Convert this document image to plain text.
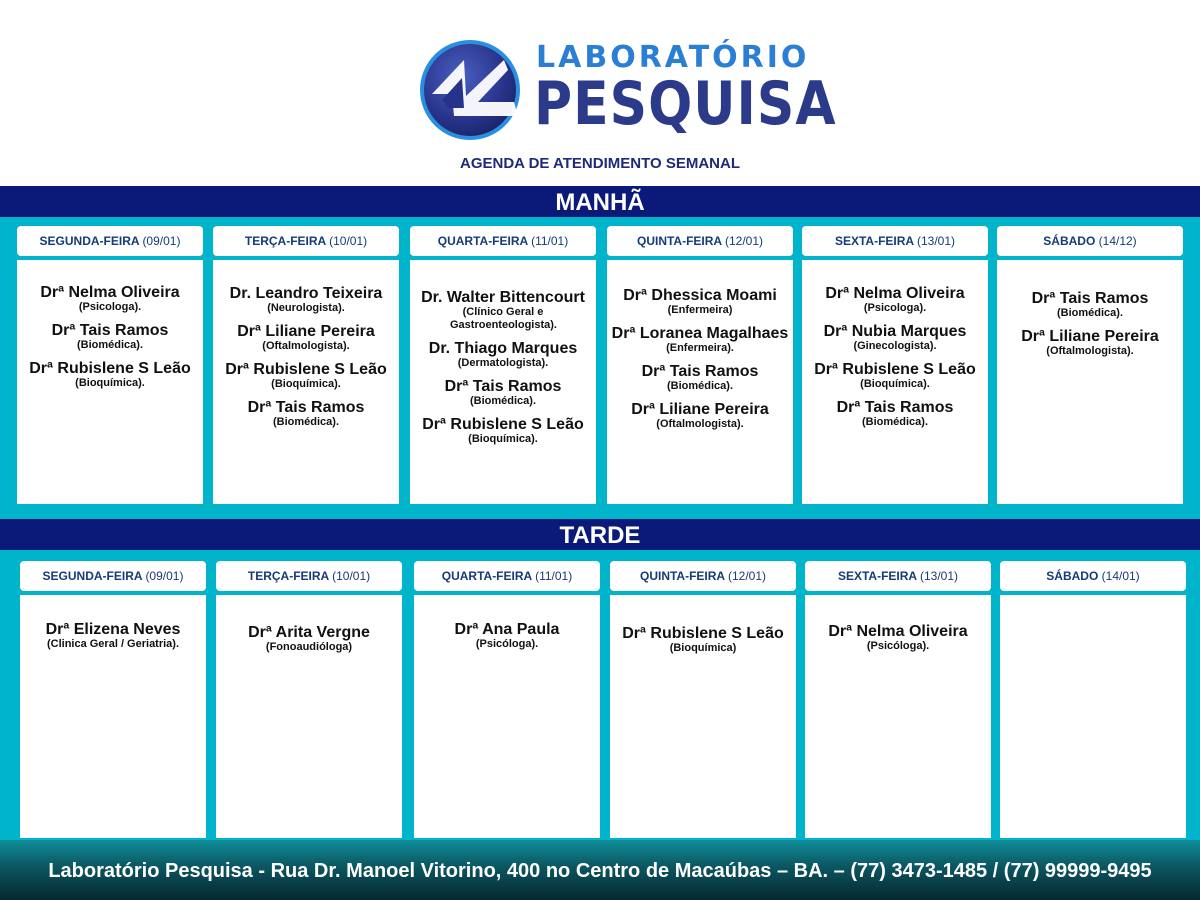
LABORATÓRIO
PESQUISA
AGENDA DE ATENDIMENTO SEMANAL
MANHÃ
SEGUNDA-FEIRA (09/01)
Drª Nelma Oliveira
(Psicologa).
Drª Tais Ramos
(Biomédica).
Drª Rubislene S Leão
(Bioquímica).
TERÇA-FEIRA (10/01)
Dr. Leandro Teixeira
(Neurologista).
Drª Liliane Pereira
(Oftalmologista).
Drª Rubislene S Leão
(Bioquímica).
Drª Tais Ramos
(Biomédica).
QUARTA-FEIRA (11/01)
Dr. Walter Bittencourt
(Clínico Geral e Gastroenteologista).
Dr. Thiago Marques
(Dermatologista).
Drª Tais Ramos
(Biomédica).
Drª Rubislene S Leão
(Bioquímica).
QUINTA-FEIRA (12/01)
Drª Dhessica Moami
(Enfermeira)
Drª Loranea Magalhaes
(Enfermeira).
Drª Tais Ramos
(Biomédica).
Drª Liliane Pereira
(Oftalmologista).
SEXTA-FEIRA (13/01)
Drª Nelma Oliveira
(Psicologa).
Drª Nubia Marques
(Ginecologista).
Drª Rubislene S Leão
(Bioquímica).
Drª Tais Ramos
(Biomédica).
SÁBADO (14/12)
Drª Tais Ramos
(Biomédica).
Drª Liliane Pereira
(Oftalmologista).
TARDE
SEGUNDA-FEIRA (09/01)
Drª Elizena Neves
(Clinica Geral / Geriatria).
TERÇA-FEIRA (10/01)
Drª Arita Vergne
(Fonoaudióloga)
QUARTA-FEIRA (11/01)
Drª Ana Paula
(Psicóloga).
QUINTA-FEIRA (12/01)
Drª Rubislene S Leão
(Bioquímica)
SEXTA-FEIRA (13/01)
Drª Nelma Oliveira
(Psicóloga).
SÁBADO (14/01)
Laboratório Pesquisa - Rua Dr. Manoel Vitorino, 400 no Centro de Macaúbas – BA. – (77) 3473-1485 / (77) 99999-9495
